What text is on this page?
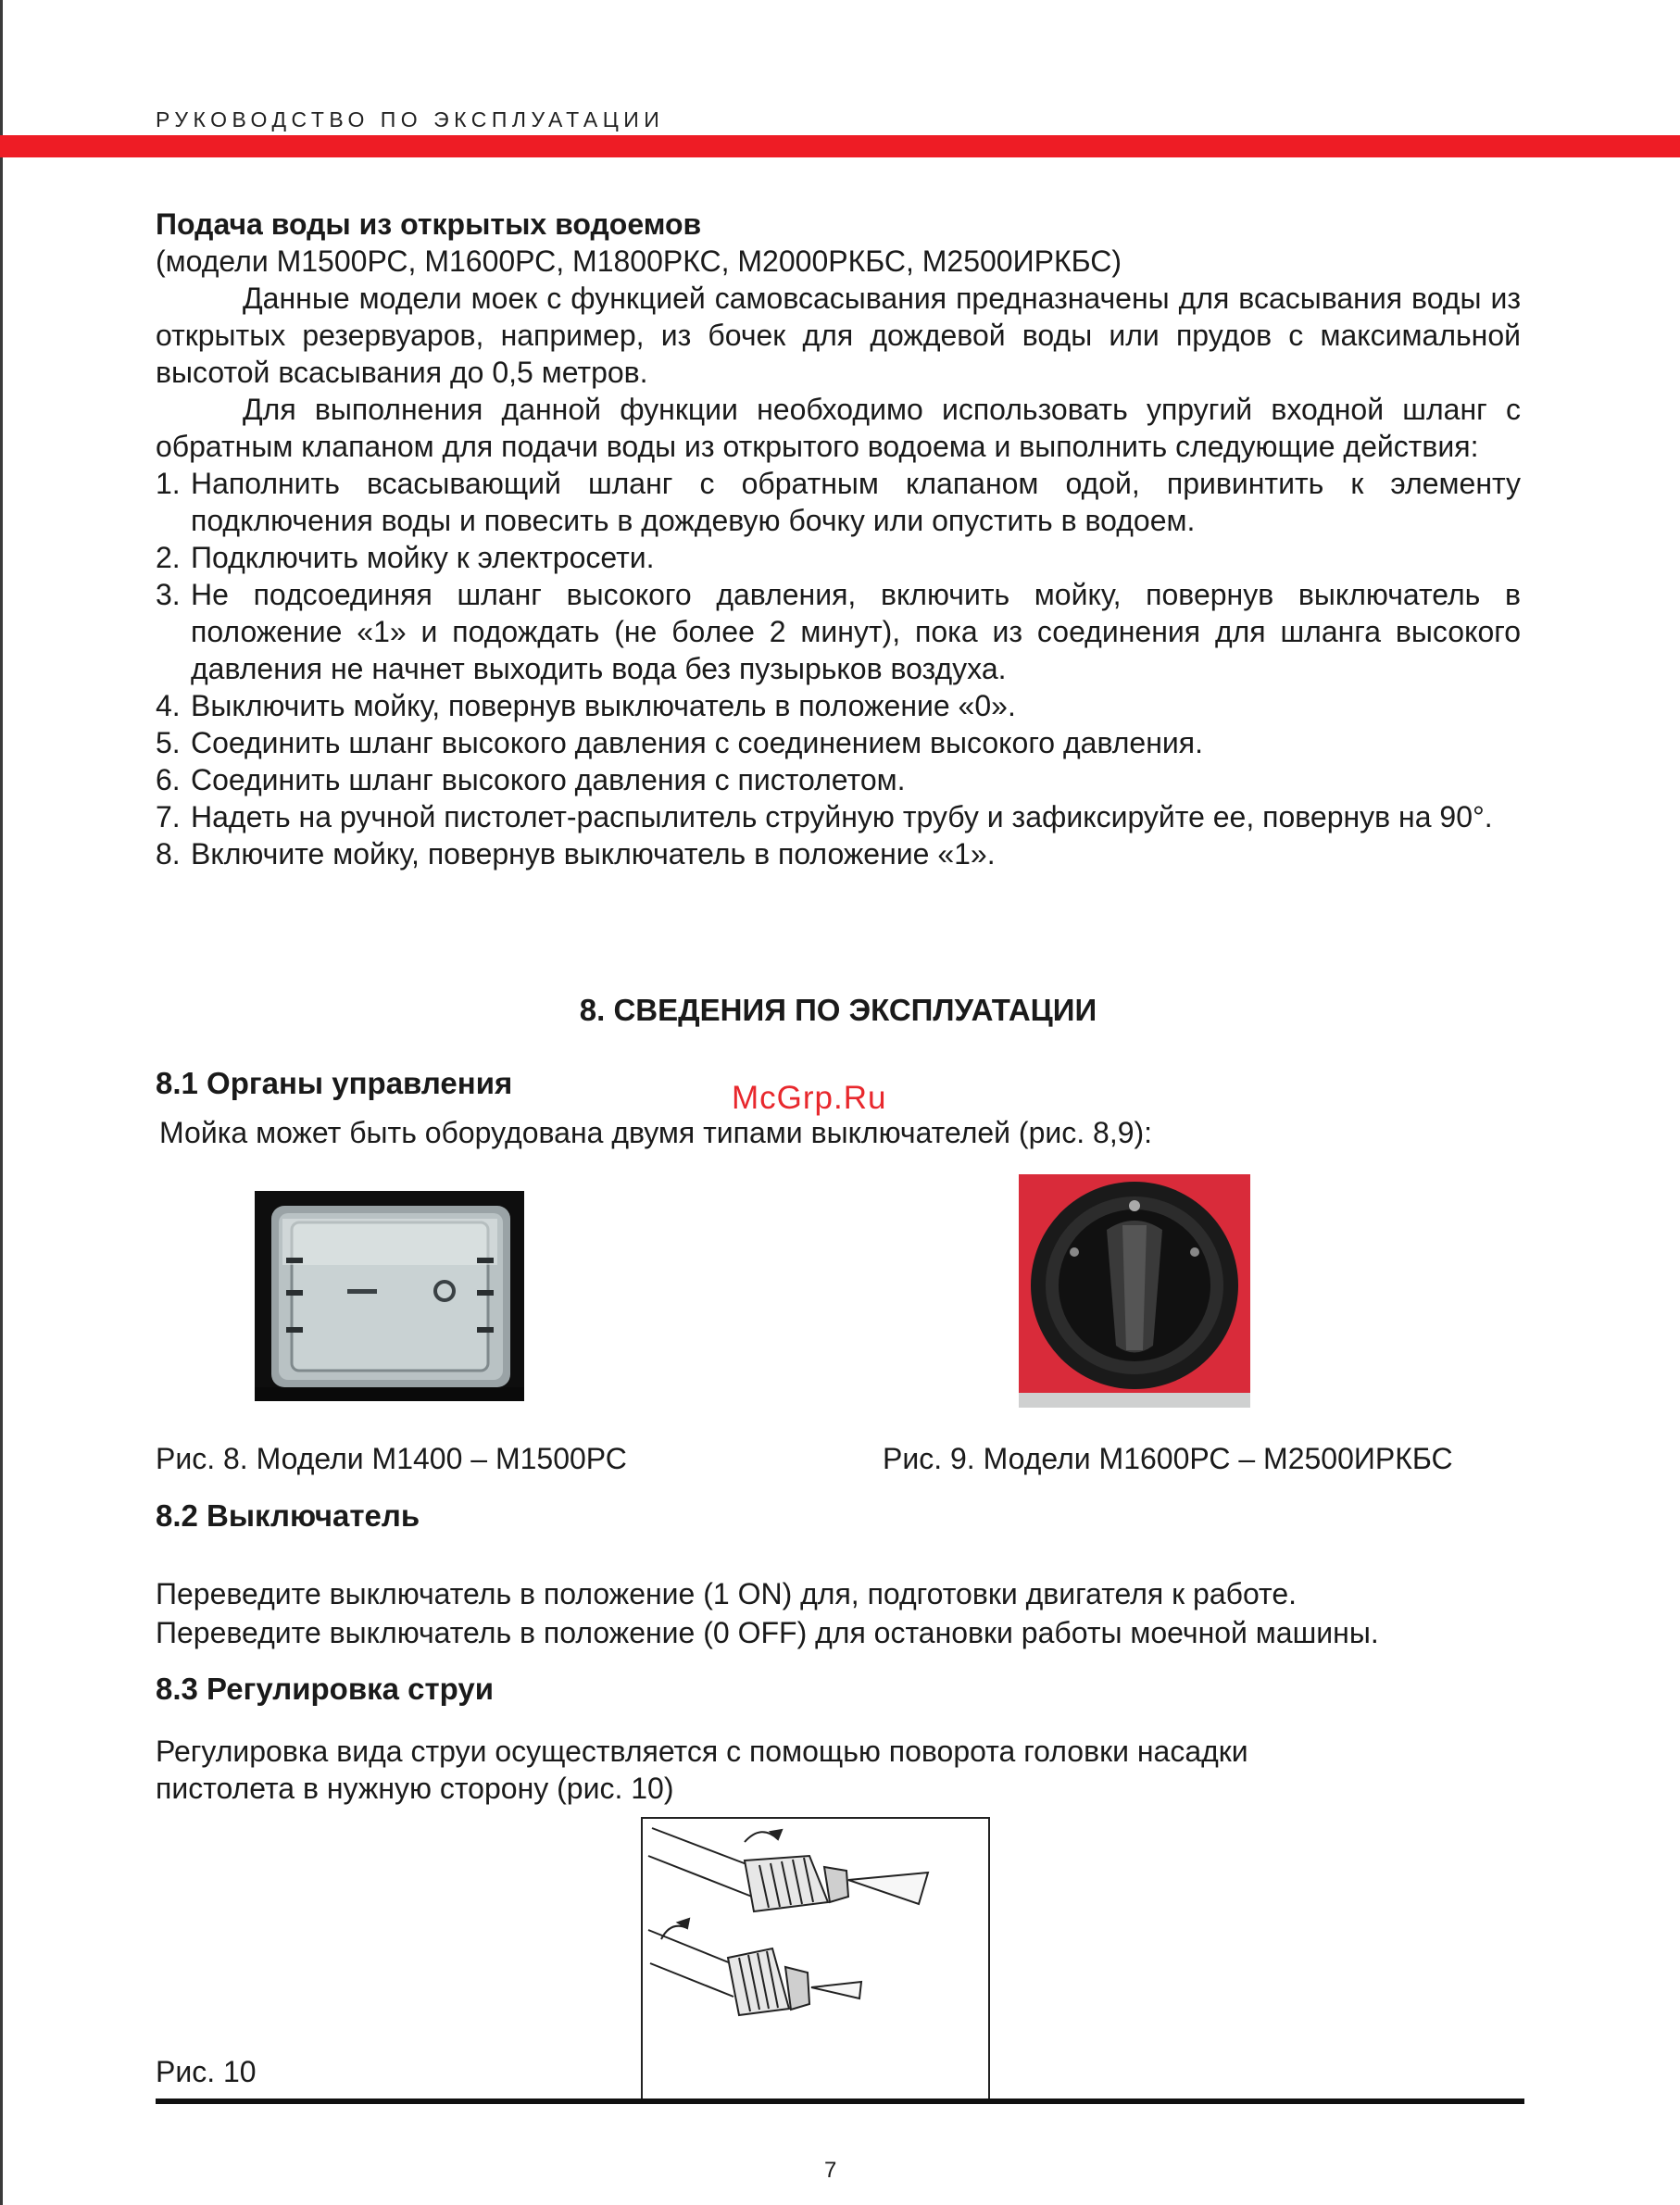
РУКОВОДСТВО ПО ЭКСПЛУАТАЦИИ

Подача воды из открытых водоемов

(модели М1500РС, М1600РС, М1800РКС, М2000РКБС, М2500ИРКБС)

Данные модели моек с функцией самовсасывания предназначены для всасывания воды из открытых резервуаров, например, из бочек для дождевой воды или прудов с максимальной высотой всасывания до 0,5 метров.

Для выполнения данной функции необходимо использовать упругий входной шланг с обратным клапаном для подачи воды из открытого водоема и выполнить следующие действия:

1. Наполнить всасывающий шланг с обратным клапаном одой, привинтить к элементу подключения воды и повесить в дождевую бочку или опустить в водоем.
2. Подключить мойку к электросети.
3. Не подсоединяя шланг высокого давления, включить мойку, повернув выключатель в положение «1» и подождать (не более 2 минут), пока из соединения для шланга высокого давления не начнет выходить вода без пузырьков воздуха.
4. Выключить мойку, повернув выключатель в положение «0».
5. Соединить шланг высокого давления с соединением высокого давления.
6. Соединить шланг высокого давления с пистолетом.
7. Надеть на ручной пистолет-распылитель струйную трубу и зафиксируйте ее, повернув на 90°.
8. Включите мойку, повернув выключатель в положение «1».
8. СВЕДЕНИЯ ПО ЭКСПЛУАТАЦИИ
8.1 Органы управления	McGrp.Ru
Мойка может быть оборудована двумя типами выключателей (рис. 8,9):
Рис. 8. Модели М1400 – М1500РС	Рис. 9. Модели М1600РС – М2500ИРКБС
8.2 Выключатель
Переведите выключатель в положение (1 ON) для, подготовки двигателя к работе.
Переведите выключатель в положение (0 OFF) для остановки работы моечной машины.
8.3 Регулировка струи
Регулировка вида струи осуществляется с помощью поворота головки насадки
пистолета в нужную сторону (рис. 10)
Рис. 10
7
